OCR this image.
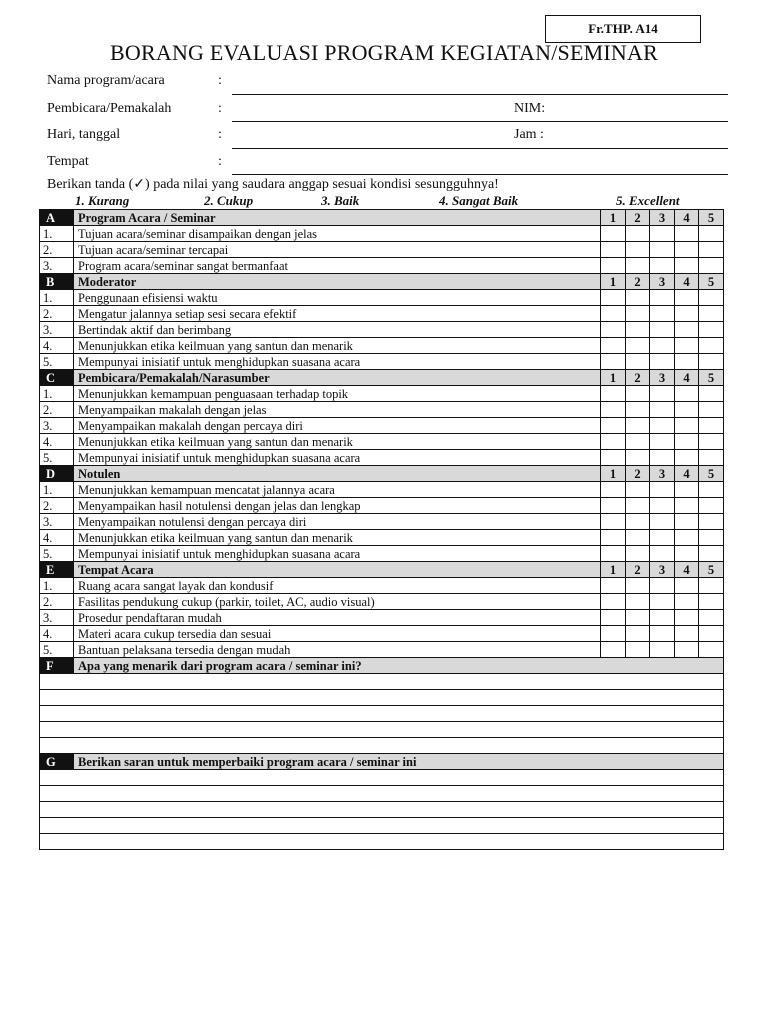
Fr.THP. A14
BORANG EVALUASI PROGRAM KEGIATAN/SEMINAR
Nama program/acara	:
Pembicara/Pemakalah	:	NIM:
Hari, tanggal	:	Jam :
Tempat	:
Berikan tanda (✓) pada nilai yang saudara anggap sesuai kondisi sesungguhnya!
1. Kurang	2. Cukup	3. Baik	4. Sangat Baik	5. Excellent
A	Program Acara / Seminar	1	2	3	4	5
1.	Tujuan acara/seminar disampaikan dengan jelas					
2.	Tujuan acara/seminar tercapai					
3.	Program acara/seminar sangat bermanfaat					
B	Moderator	1	2	3	4	5
1.	Penggunaan efisiensi waktu					
2.	Mengatur jalannya setiap sesi secara efektif					
3.	Bertindak aktif dan berimbang					
4.	Menunjukkan etika keilmuan yang santun dan menarik					
5.	Mempunyai inisiatif untuk menghidupkan suasana acara					
C	Pembicara/Pemakalah/Narasumber	1	2	3	4	5
1.	Menunjukkan kemampuan penguasaan terhadap topik					
2.	Menyampaikan makalah dengan jelas					
3.	Menyampaikan makalah dengan percaya diri					
4.	Menunjukkan etika keilmuan yang santun dan menarik					
5.	Mempunyai inisiatif untuk menghidupkan suasana acara					
D	Notulen	1	2	3	4	5
1.	Menunjukkan kemampuan mencatat jalannya acara					
2.	Menyampaikan hasil notulensi dengan jelas dan lengkap					
3.	Menyampaikan notulensi dengan percaya diri					
4.	Menunjukkan etika keilmuan yang santun dan menarik					
5.	Mempunyai inisiatif untuk menghidupkan suasana acara					
E	Tempat Acara	1	2	3	4	5
1.	Ruang acara sangat layak dan kondusif					
2.	Fasilitas pendukung cukup (parkir, toilet, AC, audio visual)					
3.	Prosedur pendaftaran mudah					
4.	Materi acara cukup tersedia dan sesuai					
5.	Bantuan pelaksana tersedia dengan mudah					
F	Apa yang menarik dari program acara / seminar ini?					

G	Berikan saran untuk memperbaiki program acara / seminar ini					
